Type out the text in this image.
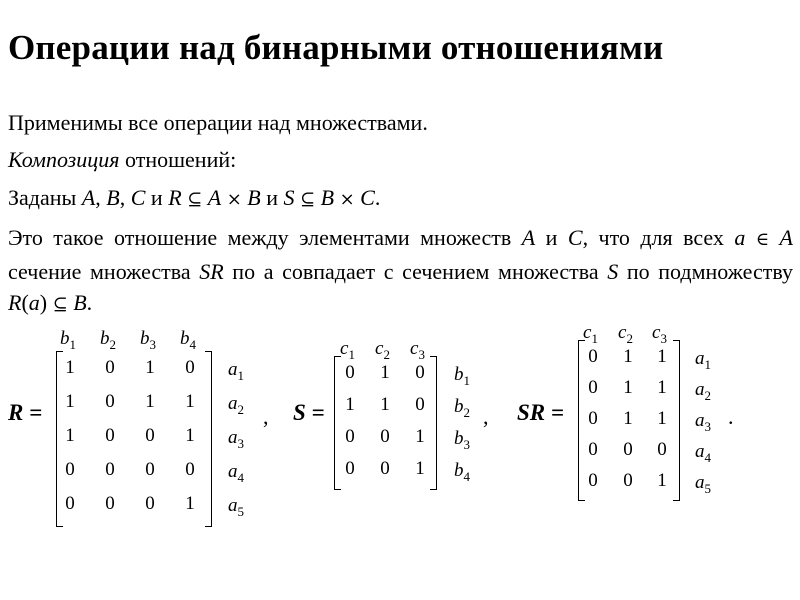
Операции над бинарными отношениями
Применимы все операции над множествами.
Композиция отношений:
Заданы A, B, C и R ⊆ A × B и S ⊆ B × C.
Это такое отношение между элементами множеств A и C, что для всех a ∈ A сечение множества SR по a совпадает с сечением множества S по подмножеству R(a) ⊆ B.
R =	,
$b_1$ $b_2$ $b_3$ $b_4$
1 0 1 0 $a_1$
1 0 1 1 $a_2$
1 0 0 1 $a_3$
0 0 0 0 $a_4$
0 0 0 1 $a_5$
S =	,
$c_1$ $c_2$ $c_3$
0 1 0 $b_1$
1 1 0 $b_2$
0 0 1 $b_3$
0 0 1 $b_4$
SR =	.
$c_1$ $c_2$ $c_3$
0 1 1 $a_1$
0 1 1 $a_2$
0 1 1 $a_3$
0 0 0 $a_4$
0 0 1 $a_5$
